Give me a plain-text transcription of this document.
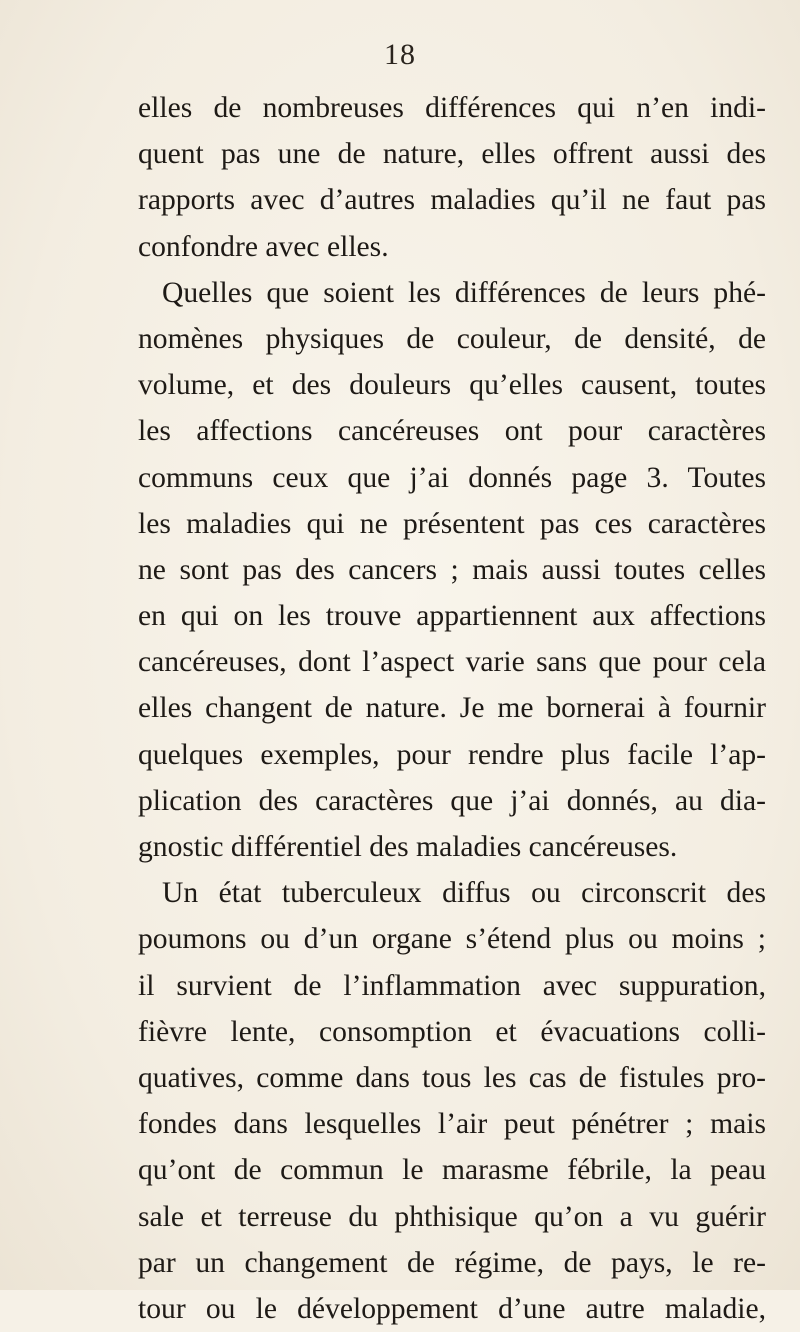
18
elles de nombreuses différences qui n’en indi-
quent pas une de nature, elles offrent aussi des
rapports avec d’autres maladies qu’il ne faut pas
confondre avec elles.
Quelles que soient les différences de leurs phé-
nomènes physiques de couleur, de densité, de
volume, et des douleurs qu’elles causent, toutes
les affections cancéreuses ont pour caractères
communs ceux que j’ai donnés page 3. Toutes
les maladies qui ne présentent pas ces caractères
ne sont pas des cancers ; mais aussi toutes celles
en qui on les trouve appartiennent aux affections
cancéreuses, dont l’aspect varie sans que pour cela
elles changent de nature. Je me bornerai à fournir
quelques exemples, pour rendre plus facile l’ap-
plication des caractères que j’ai donnés, au dia-
gnostic différentiel des maladies cancéreuses.
Un état tuberculeux diffus ou circonscrit des
poumons ou d’un organe s’étend plus ou moins ;
il survient de l’inflammation avec suppuration,
fièvre lente, consomption et évacuations colli-
quatives, comme dans tous les cas de fistules pro-
fondes dans lesquelles l’air peut pénétrer ; mais
qu’ont de commun le marasme fébrile, la peau
sale et terreuse du phthisique qu’on a vu guérir
par un changement de régime, de pays, le re-
tour ou le développement d’une autre maladie,
